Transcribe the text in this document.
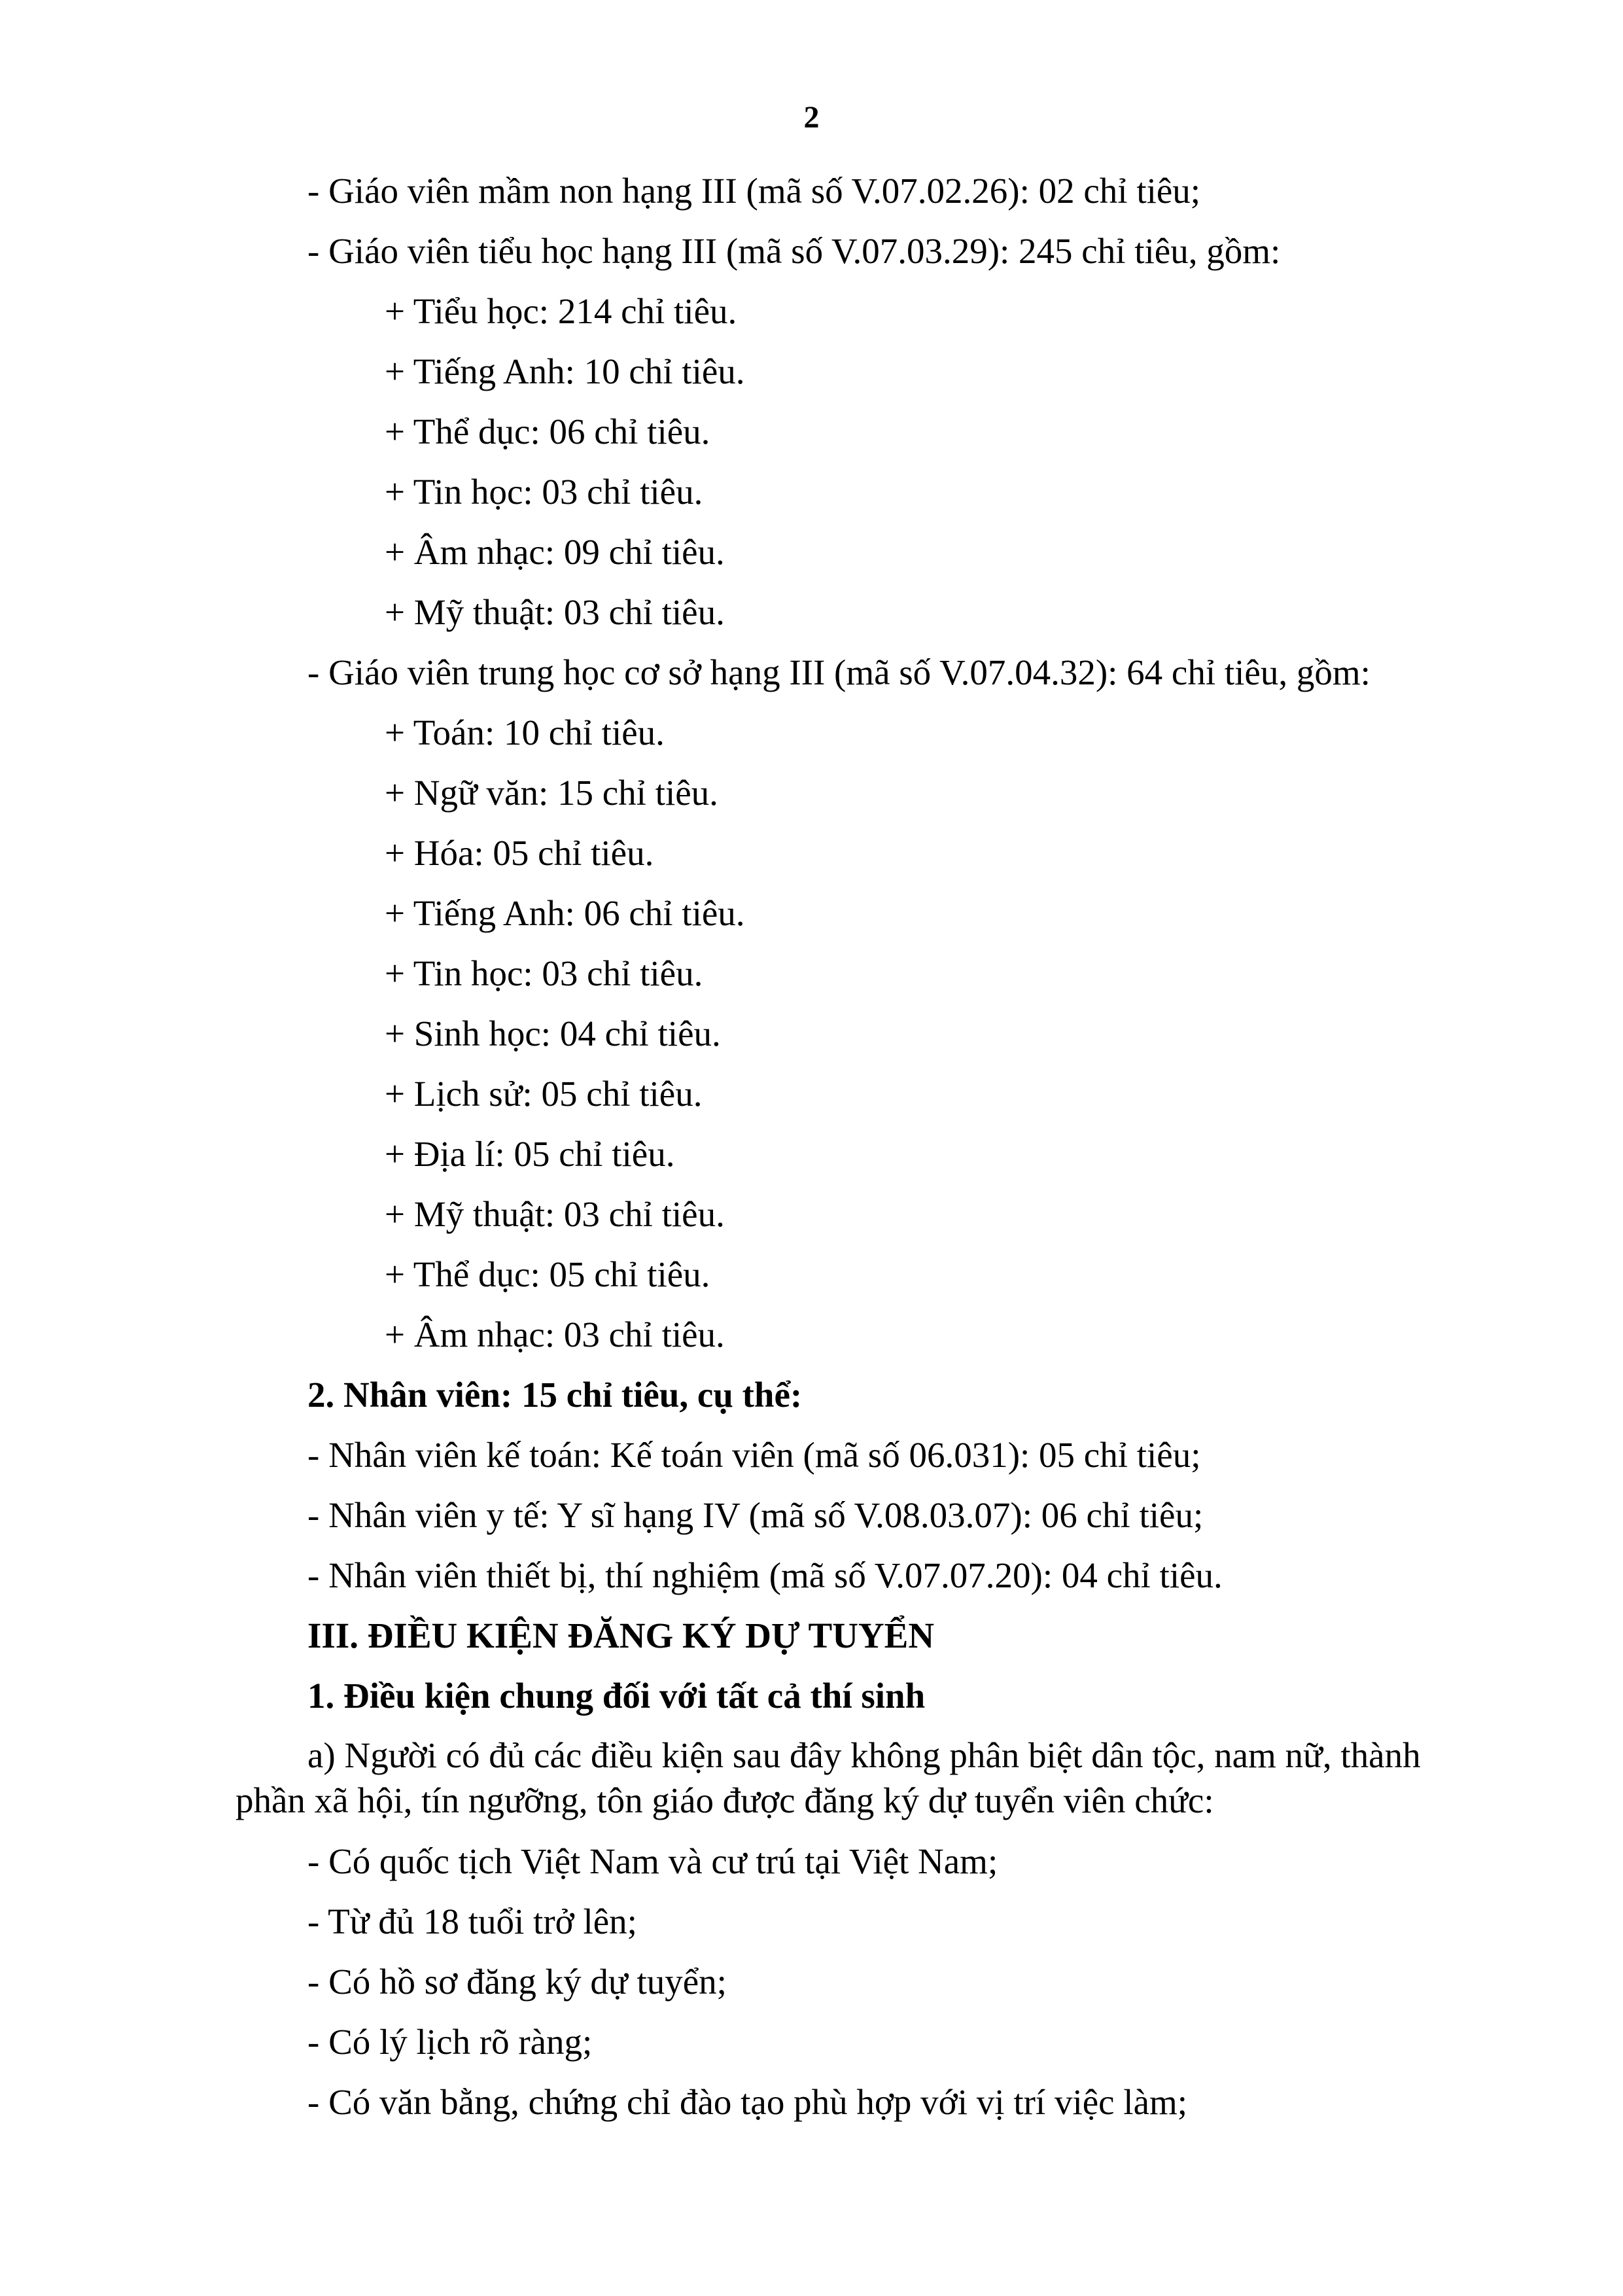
2
- Giáo viên mầm non hạng III (mã số V.07.02.26): 02 chỉ tiêu;
- Giáo viên tiểu học hạng III (mã số V.07.03.29): 245 chỉ tiêu, gồm:
+ Tiểu học: 214 chỉ tiêu.
+ Tiếng Anh: 10 chỉ tiêu.
+ Thể dục: 06 chỉ tiêu.
+ Tin học: 03 chỉ tiêu.
+ Âm nhạc: 09 chỉ tiêu.
+ Mỹ thuật: 03 chỉ tiêu.
- Giáo viên trung học cơ sở hạng III (mã số V.07.04.32): 64 chỉ tiêu, gồm:
+ Toán: 10 chỉ tiêu.
+ Ngữ văn: 15 chỉ tiêu.
+ Hóa: 05 chỉ tiêu.
+ Tiếng Anh: 06 chỉ tiêu.
+ Tin học: 03 chỉ tiêu.
+ Sinh học: 04 chỉ tiêu.
+ Lịch sử: 05 chỉ tiêu.
+ Địa lí: 05 chỉ tiêu.
+ Mỹ thuật: 03 chỉ tiêu.
+ Thể dục: 05 chỉ tiêu.
+ Âm nhạc: 03 chỉ tiêu.
2. Nhân viên: 15 chỉ tiêu, cụ thể:
- Nhân viên kế toán: Kế toán viên (mã số 06.031): 05 chỉ tiêu;
- Nhân viên y tế: Y sĩ hạng IV (mã số V.08.03.07): 06 chỉ tiêu;
- Nhân viên thiết bị, thí nghiệm (mã số V.07.07.20): 04 chỉ tiêu.
III. ĐIỀU KIỆN ĐĂNG KÝ DỰ TUYỂN
1. Điều kiện chung đối với tất cả thí sinh
a) Người có đủ các điều kiện sau đây không phân biệt dân tộc, nam nữ, thành phần xã hội, tín ngưỡng, tôn giáo được đăng ký dự tuyển viên chức:
- Có quốc tịch Việt Nam và cư trú tại Việt Nam;
- Từ đủ 18 tuổi trở lên;
- Có hồ sơ đăng ký dự tuyển;
- Có lý lịch rõ ràng;
- Có văn bằng, chứng chỉ đào tạo phù hợp với vị trí việc làm;
